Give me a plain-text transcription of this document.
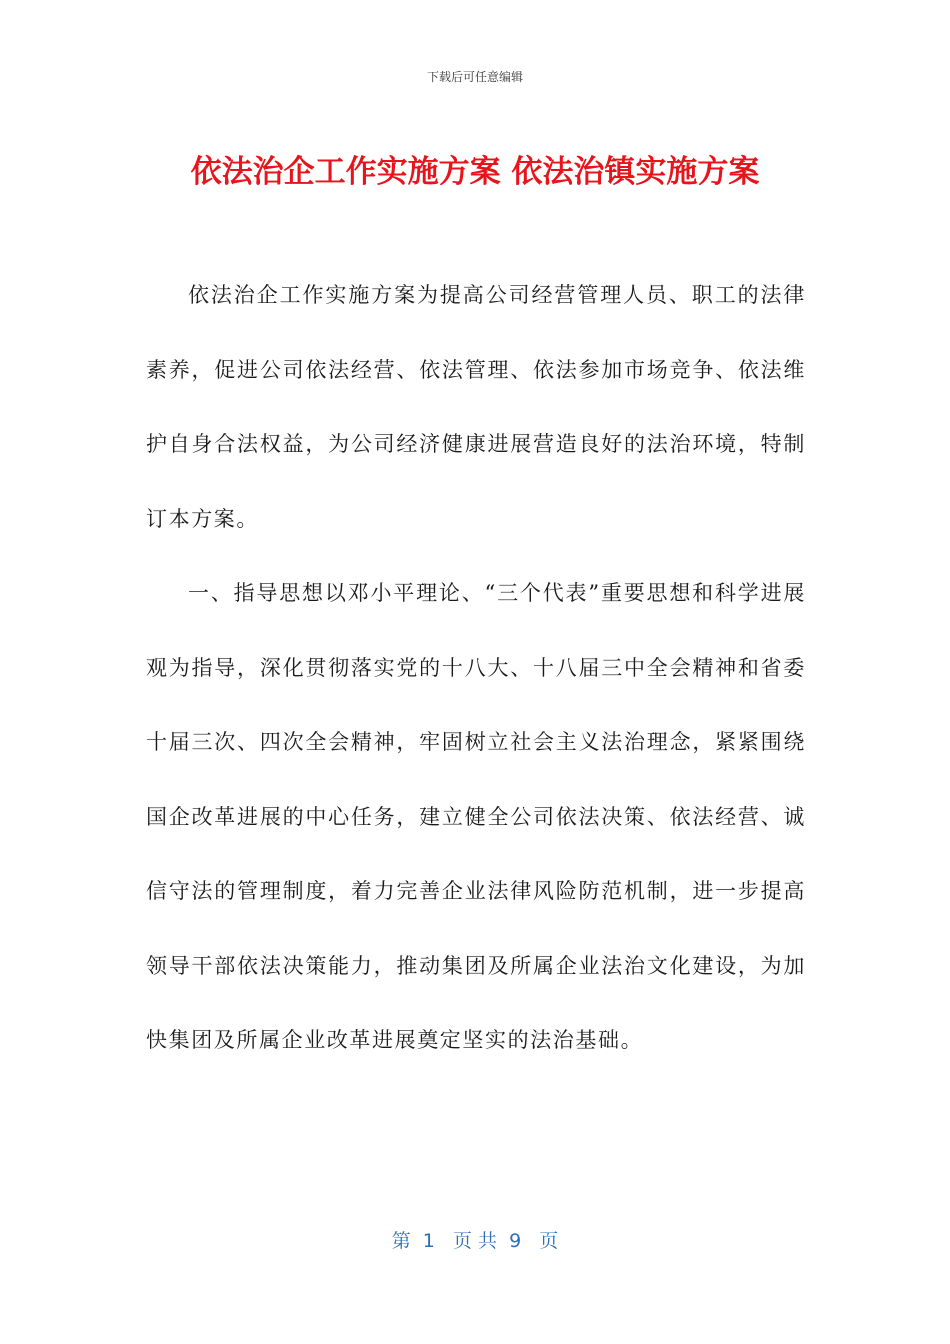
下载后可任意编辑
依法治企工作实施方案 依法治镇实施方案

依法治企工作实施方案为提高公司经营管理人员、职工的法律素养，促进公司依法经营、依法管理、依法参加市场竞争、依法维护自身合法权益，为公司经济健康进展营造良好的法治环境，特制订本方案。

一、指导思想以邓小平理论、“三个代表”重要思想和科学进展观为指导，深化贯彻落实党的十八大、十八届三中全会精神和省委十届三次、四次全会精神，牢固树立社会主义法治理念，紧紧围绕国企改革进展的中心任务，建立健全公司依法决策、依法经营、诚信守法的管理制度，着力完善企业法律风险防范机制，进一步提高领导干部依法决策能力，推动集团及所属企业法治文化建设，为加快集团及所属企业改革进展奠定坚实的法治基础。

第  1   页 共  9   页
